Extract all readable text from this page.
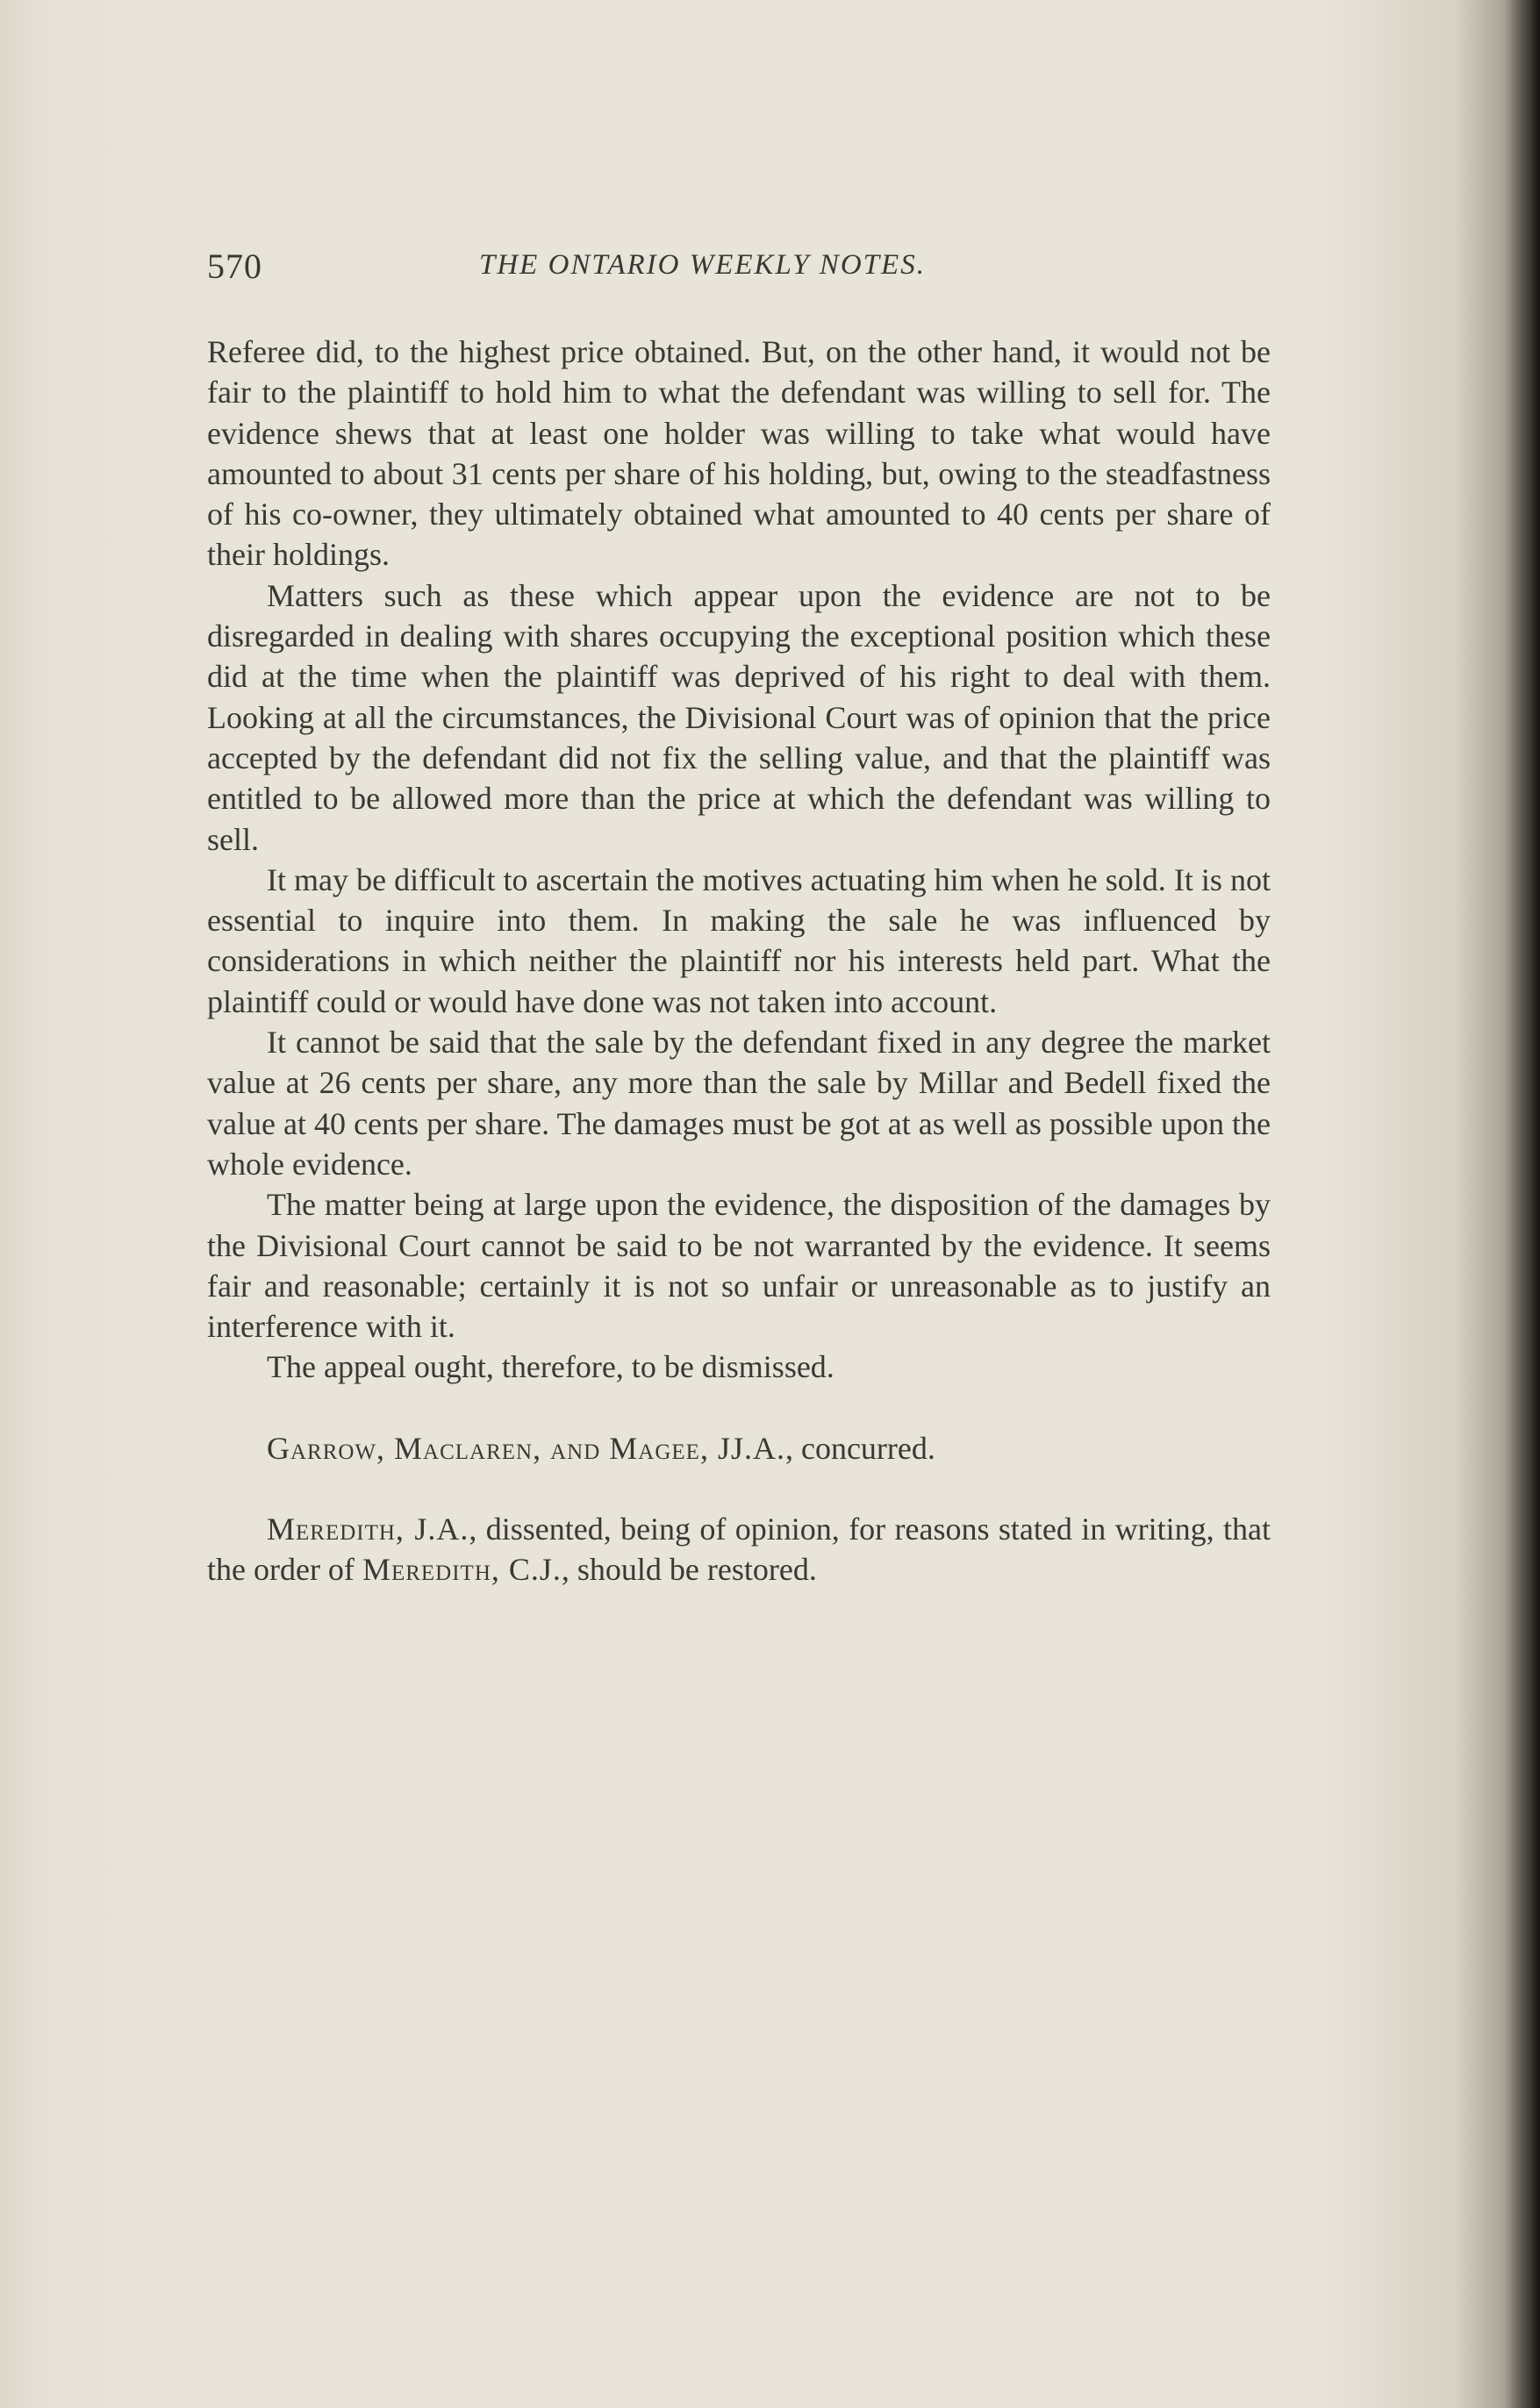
570	THE ONTARIO WEEKLY NOTES.

Referee did, to the highest price obtained. But, on the other hand, it would not be fair to the plaintiff to hold him to what the defendant was willing to sell for. The evidence shews that at least one holder was willing to take what would have amounted to about 31 cents per share of his holding, but, owing to the steadfastness of his co-owner, they ultimately obtained what amounted to 40 cents per share of their holdings.

Matters such as these which appear upon the evidence are not to be disregarded in dealing with shares occupying the exceptional position which these did at the time when the plaintiff was deprived of his right to deal with them. Looking at all the circumstances, the Divisional Court was of opinion that the price accepted by the defendant did not fix the selling value, and that the plaintiff was entitled to be allowed more than the price at which the defendant was willing to sell.

It may be difficult to ascertain the motives actuating him when he sold. It is not essential to inquire into them. In making the sale he was influenced by considerations in which neither the plaintiff nor his interests held part. What the plaintiff could or would have done was not taken into account.

It cannot be said that the sale by the defendant fixed in any degree the market value at 26 cents per share, any more than the sale by Millar and Bedell fixed the value at 40 cents per share. The damages must be got at as well as possible upon the whole evidence.

The matter being at large upon the evidence, the disposition of the damages by the Divisional Court cannot be said to be not warranted by the evidence. It seems fair and reasonable; certainly it is not so unfair or unreasonable as to justify an interference with it.

The appeal ought, therefore, to be dismissed.

Garrow, Maclaren, and Magee, JJ.A., concurred.

Meredith, J.A., dissented, being of opinion, for reasons stated in writing, that the order of Meredith, C.J., should be restored.
